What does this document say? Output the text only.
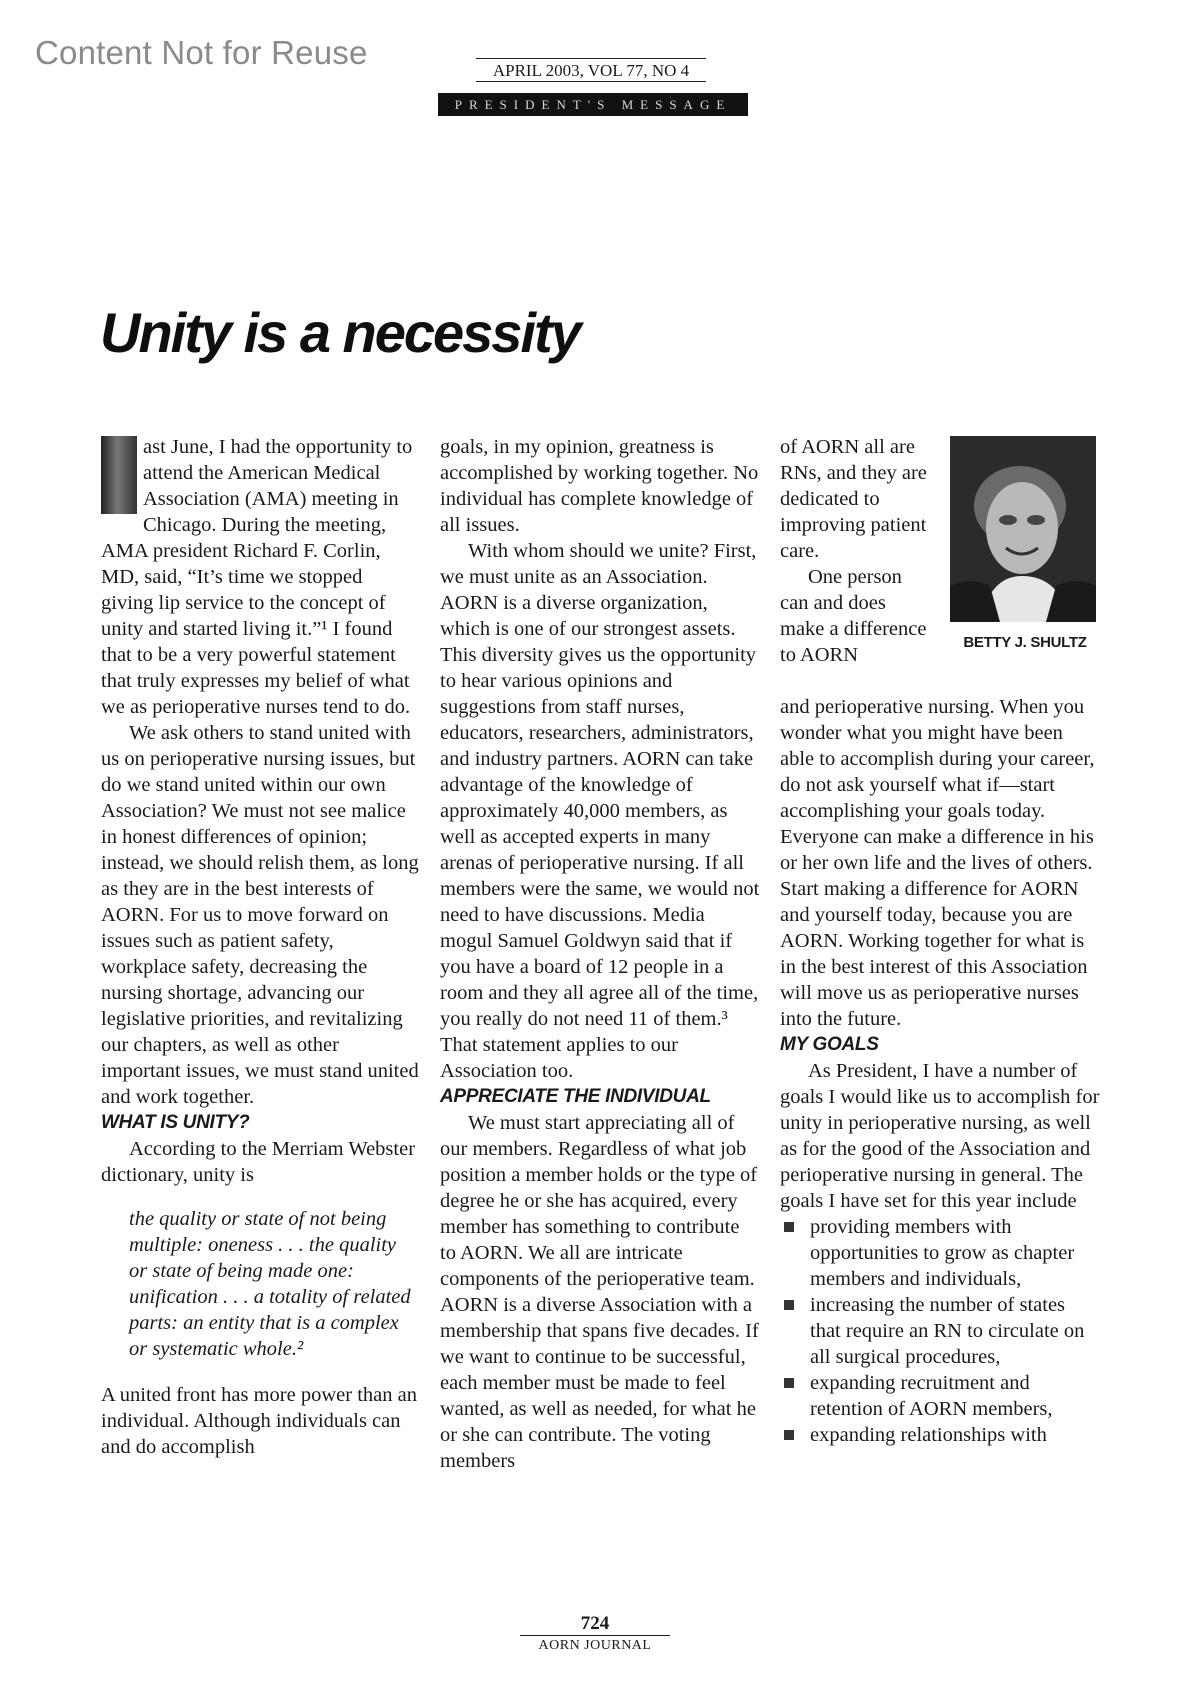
Content Not for Reuse	APRIL 2003, VOL 77, NO 4
PRESIDENT'S MESSAGE
Unity is a necessity

ast June, I had the opportunity to attend the American Medical Association (AMA) meeting in Chicago. During the meeting, AMA president Richard F. Corlin, MD, said, “It’s time we stopped giving lip service to the concept of unity and started living it.”¹ I found that to be a very powerful statement that truly expresses my belief of what we as perioperative nurses tend to do.

We ask others to stand united with us on perioperative nursing issues, but do we stand united within our own Association? We must not see malice in honest differences of opinion; instead, we should relish them, as long as they are in the best interests of AORN. For us to move forward on issues such as patient safety, workplace safety, decreasing the nursing shortage, advancing our legislative priorities, and revitalizing our chapters, as well as other important issues, we must stand united and work together.

WHAT IS UNITY?

According to the Merriam Webster dictionary, unity is

the quality or state of not being multiple: oneness . . . the quality or state of being made one: unification . . . a totality of related parts: an entity that is a complex or systematic whole.²

A united front has more power than an individual. Although individuals can and do accomplish

goals, in my opinion, greatness is accomplished by working together. No individual has complete knowledge of all issues.

With whom should we unite? First, we must unite as an Association. AORN is a diverse organization, which is one of our strongest assets. This diversity gives us the opportunity to hear various opinions and suggestions from staff nurses, educators, researchers, administrators, and industry partners. AORN can take advantage of the knowledge of approximately 40,000 members, as well as accepted experts in many arenas of perioperative nursing. If all members were the same, we would not need to have discussions. Media mogul Samuel Goldwyn said that if you have a board of 12 people in a room and they all agree all of the time, you really do not need 11 of them.³ That statement applies to our Association too.

APPRECIATE THE INDIVIDUAL

We must start appreciating all of our members. Regardless of what job position a member holds or the type of degree he or she has acquired, every member has something to contribute to AORN. We all are intricate components of the perioperative team. AORN is a diverse Association with a membership that spans five decades. If we want to continue to be successful, each member must be made to feel wanted, as well as needed, for what he or she can contribute. The voting members

of AORN all are RNs, and they are dedicated to improving patient care.

One person can and does make a difference to AORN

BETTY J. SHULTZ

and perioperative nursing. When you wonder what you might have been able to accomplish during your career, do not ask yourself what if—start accomplishing your goals today. Everyone can make a difference in his or her own life and the lives of others. Start making a difference for AORN and yourself today, because you are AORN. Working together for what is in the best interest of this Association will move us as perioperative nurses into the future.

MY GOALS

As President, I have a number of goals I would like us to accomplish for unity in perioperative nursing, as well as for the good of the Association and perioperative nursing in general. The goals I have set for this year include

providing members with opportunities to grow as chapter members and individuals,
increasing the number of states that require an RN to circulate on all surgical procedures,
expanding recruitment and retention of AORN members,
expanding relationships with
724
AORN JOURNAL
